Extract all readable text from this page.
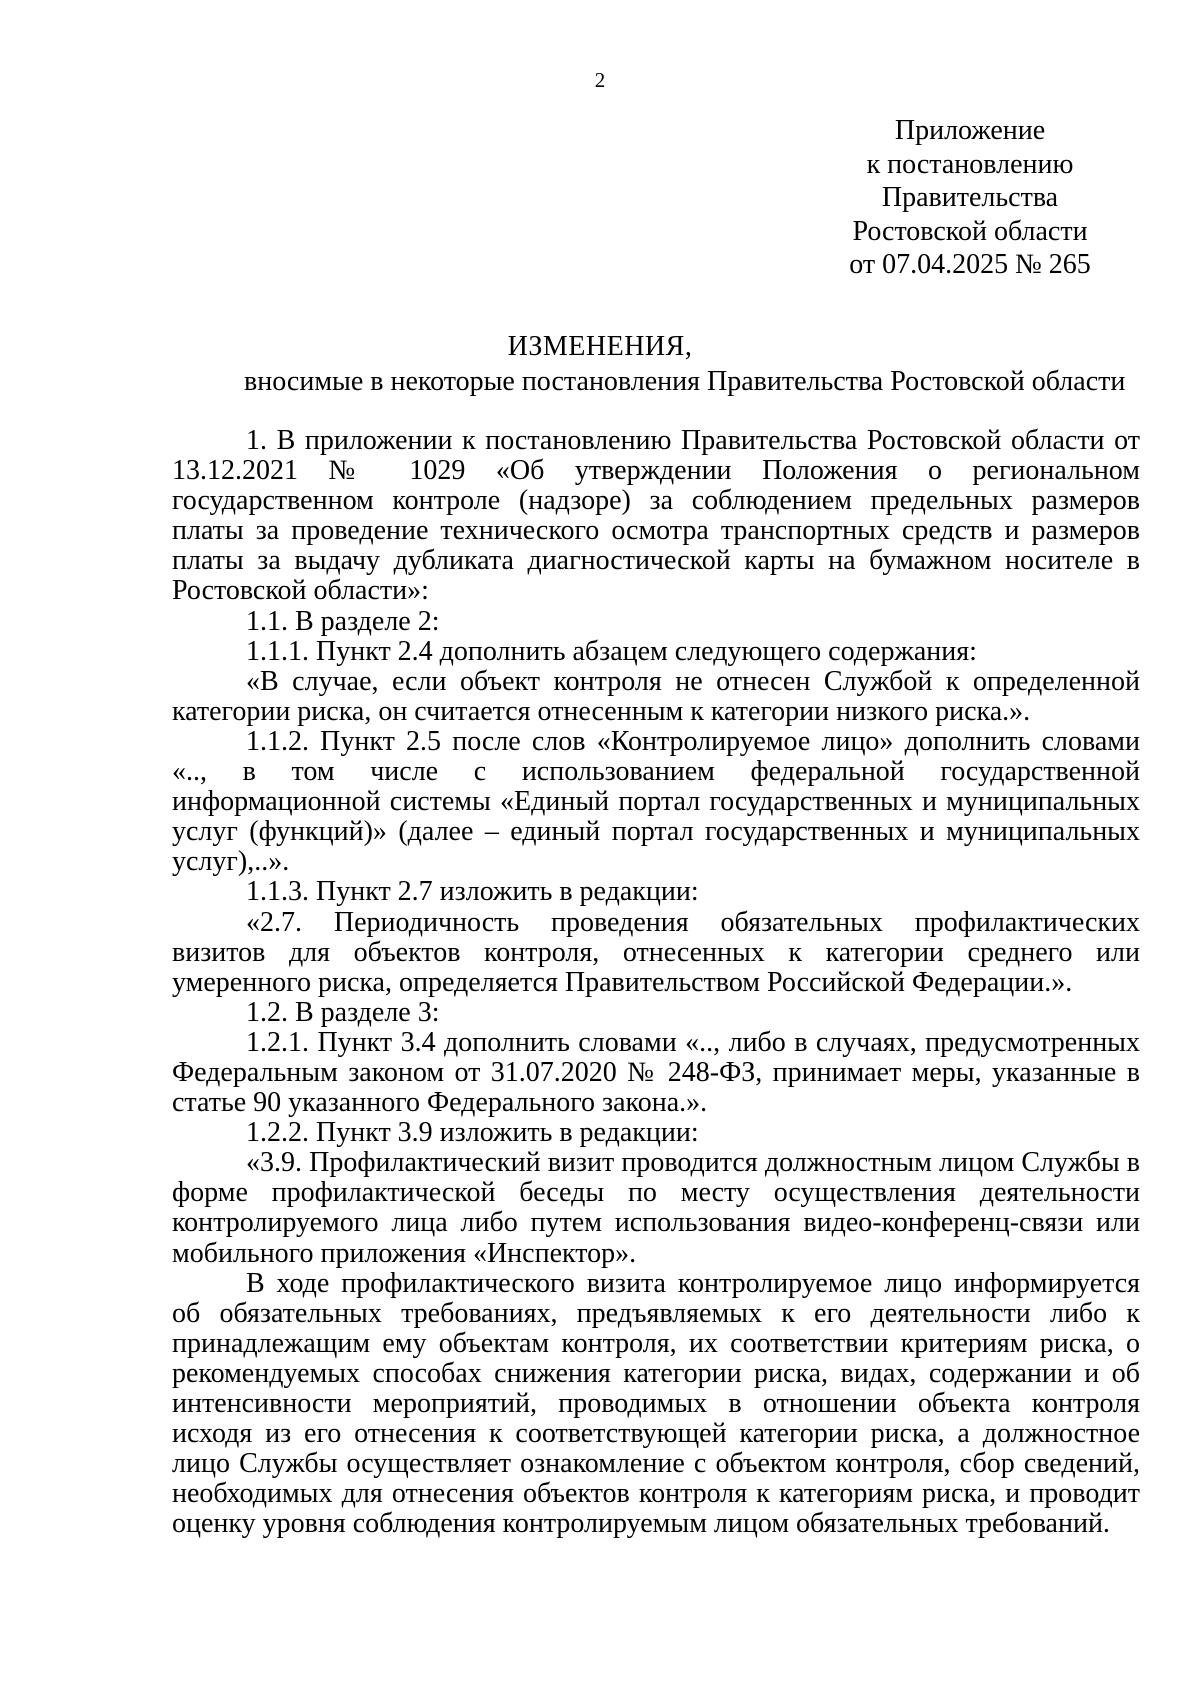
2
Приложение
к постановлению
Правительства
Ростовской области
от 07.04.2025 № 265
ИЗМЕНЕНИЯ,
вносимые в некоторые постановления Правительства Ростовской области

1. В приложении к постановлению Правительства Ростовской области от 13.12.2021 № 1029 «Об утверждении Положения о региональном государственном контроле (надзоре) за соблюдением предельных размеров платы за проведение технического осмотра транспортных средств и размеров платы за выдачу дубликата диагностической карты на бумажном носителе в Ростовской области»:

1.1. В разделе 2:

1.1.1. Пункт 2.4 дополнить абзацем следующего содержания:

«В случае, если объект контроля не отнесен Службой к определенной категории риска, он считается отнесенным к категории низкого риска.».

1.1.2. Пункт 2.5 после слов «Контролируемое лицо» дополнить словами «.., в том числе с использованием федеральной государственной информационной системы «Единый портал государственных и муниципальных услуг (функций)» (далее – единый портал государственных и муниципальных услуг),..».

1.1.3. Пункт 2.7 изложить в редакции:

«2.7. Периодичность проведения обязательных профилактических визитов для объектов контроля, отнесенных к категории среднего или умеренного риска, определяется Правительством Российской Федерации.».

1.2. В разделе 3:

1.2.1. Пункт 3.4 дополнить словами «.., либо в случаях, предусмотренных Федеральным законом от 31.07.2020 № 248-ФЗ, принимает меры, указанные в статье 90 указанного Федерального закона.».

1.2.2. Пункт 3.9 изложить в редакции:

«3.9. Профилактический визит проводится должностным лицом Службы в форме профилактической беседы по месту осуществления деятельности контролируемого лица либо путем использования видео-конференц-связи или мобильного приложения «Инспектор».

В ходе профилактического визита контролируемое лицо информируется об обязательных требованиях, предъявляемых к его деятельности либо к принадлежащим ему объектам контроля, их соответствии критериям риска, о рекомендуемых способах снижения категории риска, видах, содержании и об интенсивности мероприятий, проводимых в отношении объекта контроля исходя из его отнесения к соответствующей категории риска, а должностное лицо Службы осуществляет ознакомление с объектом контроля, сбор сведений, необходимых для отнесения объектов контроля к категориям риска, и проводит оценку уровня соблюдения контролируемым лицом обязательных требований.
